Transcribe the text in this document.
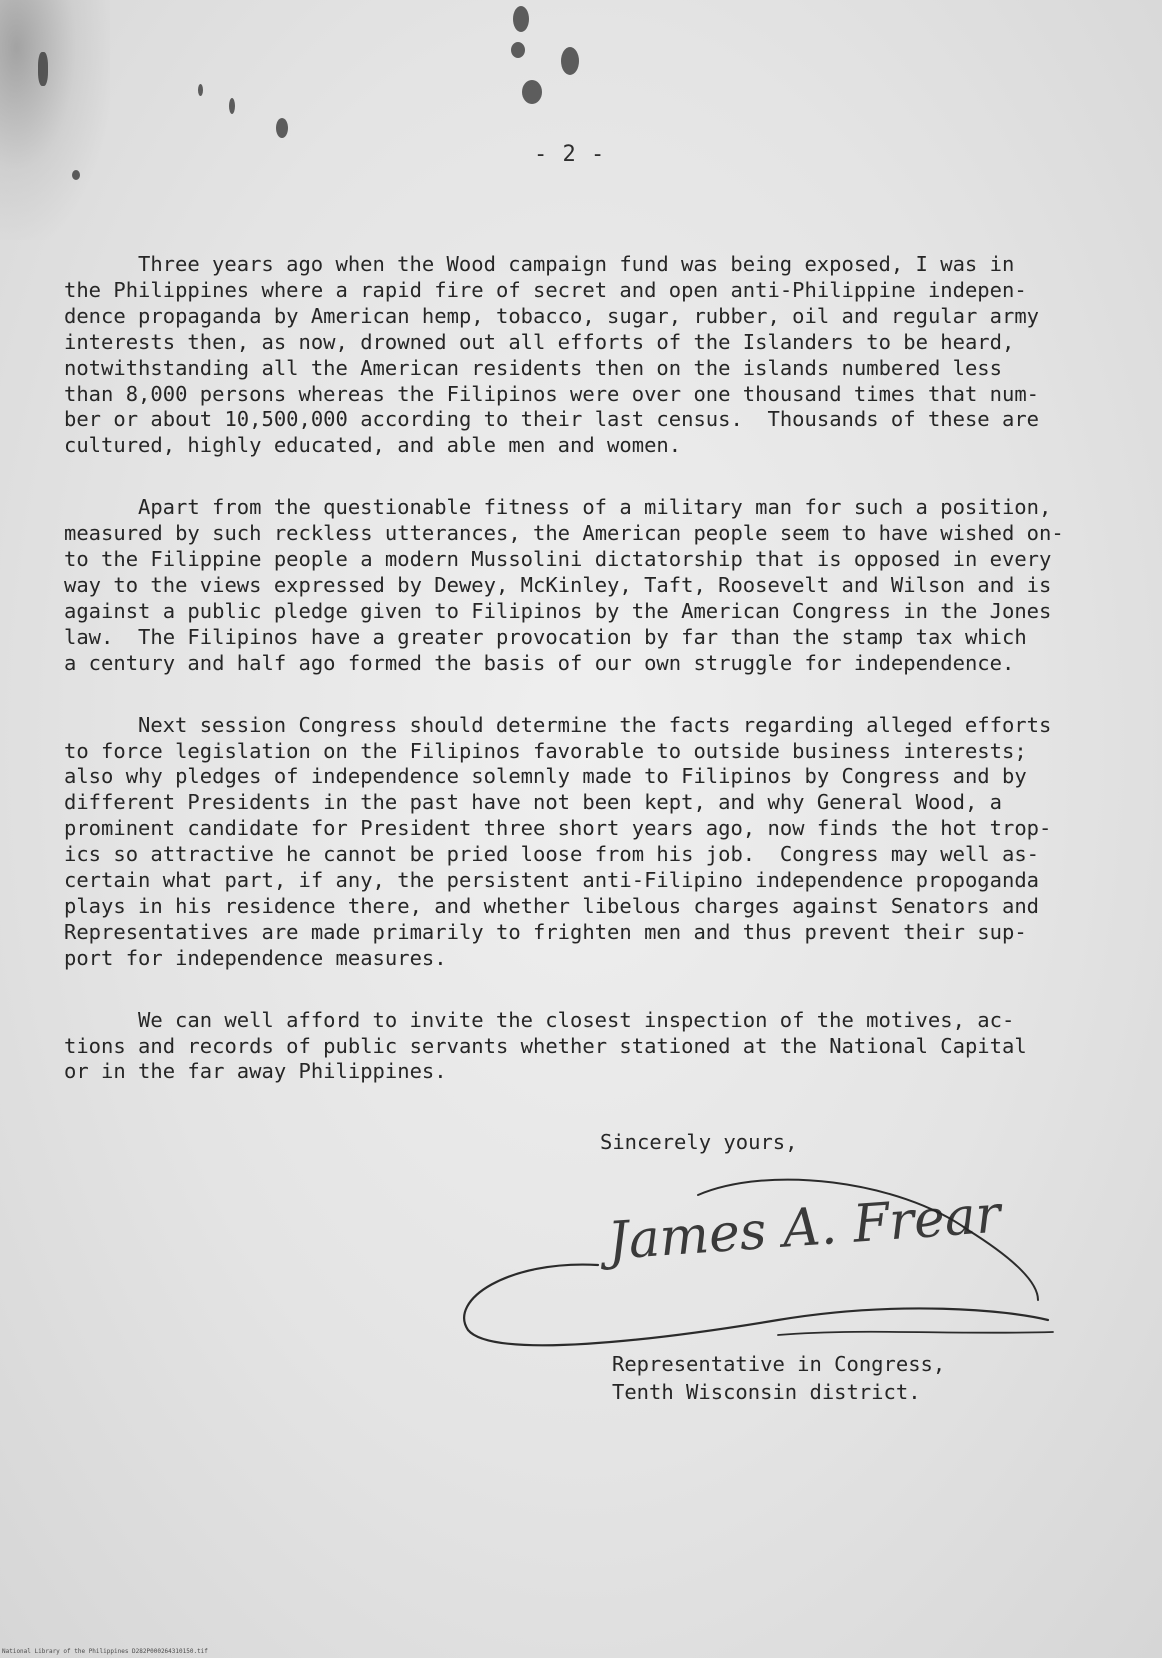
- 2 -

Three years ago when the Wood campaign fund was being exposed, I was in
the Philippines where a rapid fire of secret and open anti-Philippine indepen-
dence propaganda by American hemp, tobacco, sugar, rubber, oil and regular army
interests then, as now, drowned out all efforts of the Islanders to be heard,
notwithstanding all the American residents then on the islands numbered less
than 8,000 persons whereas the Filipinos were over one thousand times that num-
ber or about 10,500,000 according to their last census.  Thousands of these are
cultured, highly educated, and able men and women.

Apart from the questionable fitness of a military man for such a position,
measured by such reckless utterances, the American people seem to have wished on-
to the Filippine people a modern Mussolini dictatorship that is opposed in every
way to the views expressed by Dewey, McKinley, Taft, Roosevelt and Wilson and is
against a public pledge given to Filipinos by the American Congress in the Jones
law.  The Filipinos have a greater provocation by far than the stamp tax which
a century and half ago formed the basis of our own struggle for independence.

Next session Congress should determine the facts regarding alleged efforts
to force legislation on the Filipinos favorable to outside business interests;
also why pledges of independence solemnly made to Filipinos by Congress and by
different Presidents in the past have not been kept, and why General Wood, a
prominent candidate for President three short years ago, now finds the hot trop-
ics so attractive he cannot be pried loose from his job.  Congress may well as-
certain what part, if any, the persistent anti-Filipino independence propoganda
plays in his residence there, and whether libelous charges against Senators and
Representatives are made primarily to frighten men and thus prevent their sup-
port for independence measures.

We can well afford to invite the closest inspection of the motives, ac-
tions and records of public servants whether stationed at the National Capital
or in the far away Philippines.

Sincerely yours,
James A. Frear
Representative in Congress,
Tenth Wisconsin district.
National Library of the Philippines D282P000264310150.tif
